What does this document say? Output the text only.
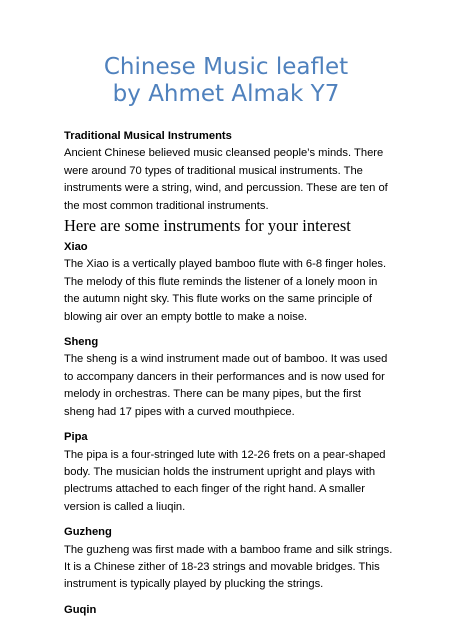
Chinese Music leaflet
by Ahmet Almak Y7

Traditional Musical Instruments

Ancient Chinese believed music cleansed people’s minds. There were around 70 types of traditional musical instruments. The instruments were a string, wind, and percussion. These are ten of the most common traditional instruments.

Here are some instruments for your interest

Xiao

The Xiao is a vertically played bamboo flute with 6-8 finger holes. The melody of this flute reminds the listener of a lonely moon in the autumn night sky. This flute works on the same principle of blowing air over an empty bottle to make a noise.

Sheng

The sheng is a wind instrument made out of bamboo. It was used to accompany dancers in their performances and is now used for melody in orchestras. There can be many pipes, but the first sheng had 17 pipes with a curved mouthpiece.

Pipa

The pipa is a four-stringed lute with 12-26 frets on a pear-shaped body. The musician holds the instrument upright and plays with plectrums attached to each finger of the right hand. A smaller version is called a liuqin.

Guzheng

The guzheng was first made with a bamboo frame and silk strings. It is a Chinese zither of 18-23 strings and movable bridges. This instrument is typically played by plucking the strings.

Guqin
